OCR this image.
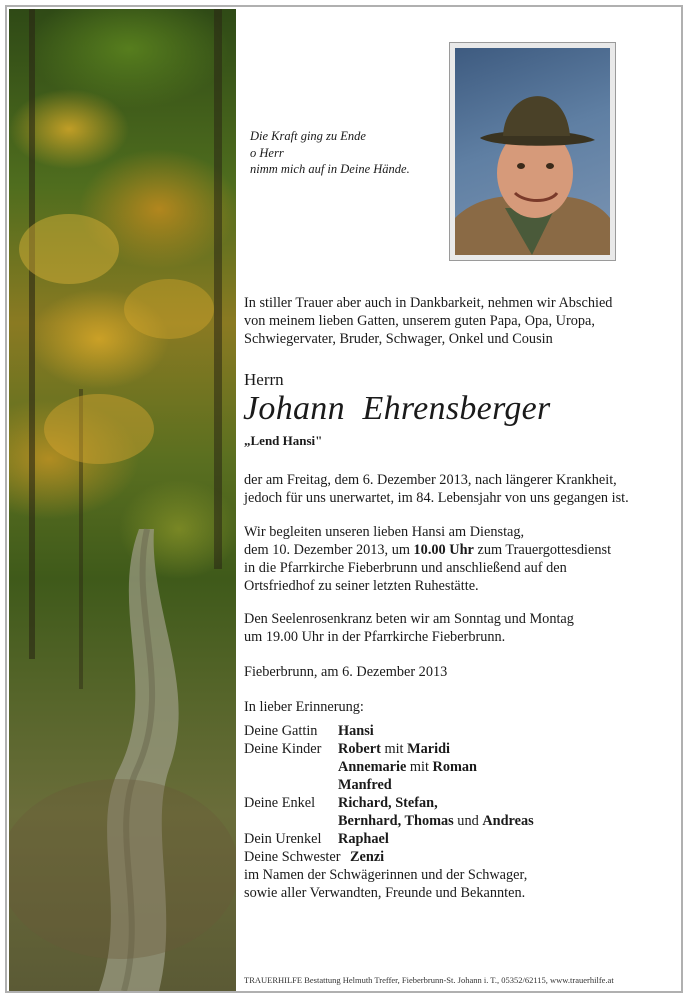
Die Kraft ging zu Ende
o Herr
nimm mich auf in Deine Hände.
In stiller Trauer aber auch in Dankbarkeit, nehmen wir Abschied
von meinem lieben Gatten, unserem guten Papa, Opa, Uropa,
Schwiegervater, Bruder, Schwager, Onkel und Cousin
Herrn
Johann Ehrensberger
„Lend Hansi"
der am Freitag, dem 6. Dezember 2013, nach längerer Krankheit,
jedoch für uns unerwartet, im 84. Lebensjahr von uns gegangen ist.
Wir begleiten unseren lieben Hansi am Dienstag,
dem 10. Dezember 2013, um 10.00 Uhr zum Trauergottesdienst
in die Pfarrkirche Fieberbrunn und anschließend auf den
Ortsfriedhof zu seiner letzten Ruhestätte.
Den Seelenrosenkranz beten wir am Sonntag und Montag
um 19.00 Uhr in der Pfarrkirche Fieberbrunn.
Fieberbrunn, am 6. Dezember 2013
In lieber Erinnerung:
Deine Gattin Hansi
Deine Kinder Robert mit Maridi
Annemarie mit Roman
Manfred
Deine Enkel Richard, Stefan,
Bernhard, Thomas und Andreas
Dein Urenkel Raphael
Deine Schwester Zenzi
im Namen der Schwägerinnen und der Schwager,
sowie aller Verwandten, Freunde und Bekannten.
TRAUERHILFE Bestattung Helmuth Treffer, Fieberbrunn-St. Johann i. T., 05352/62115, www.trauerhilfe.at
